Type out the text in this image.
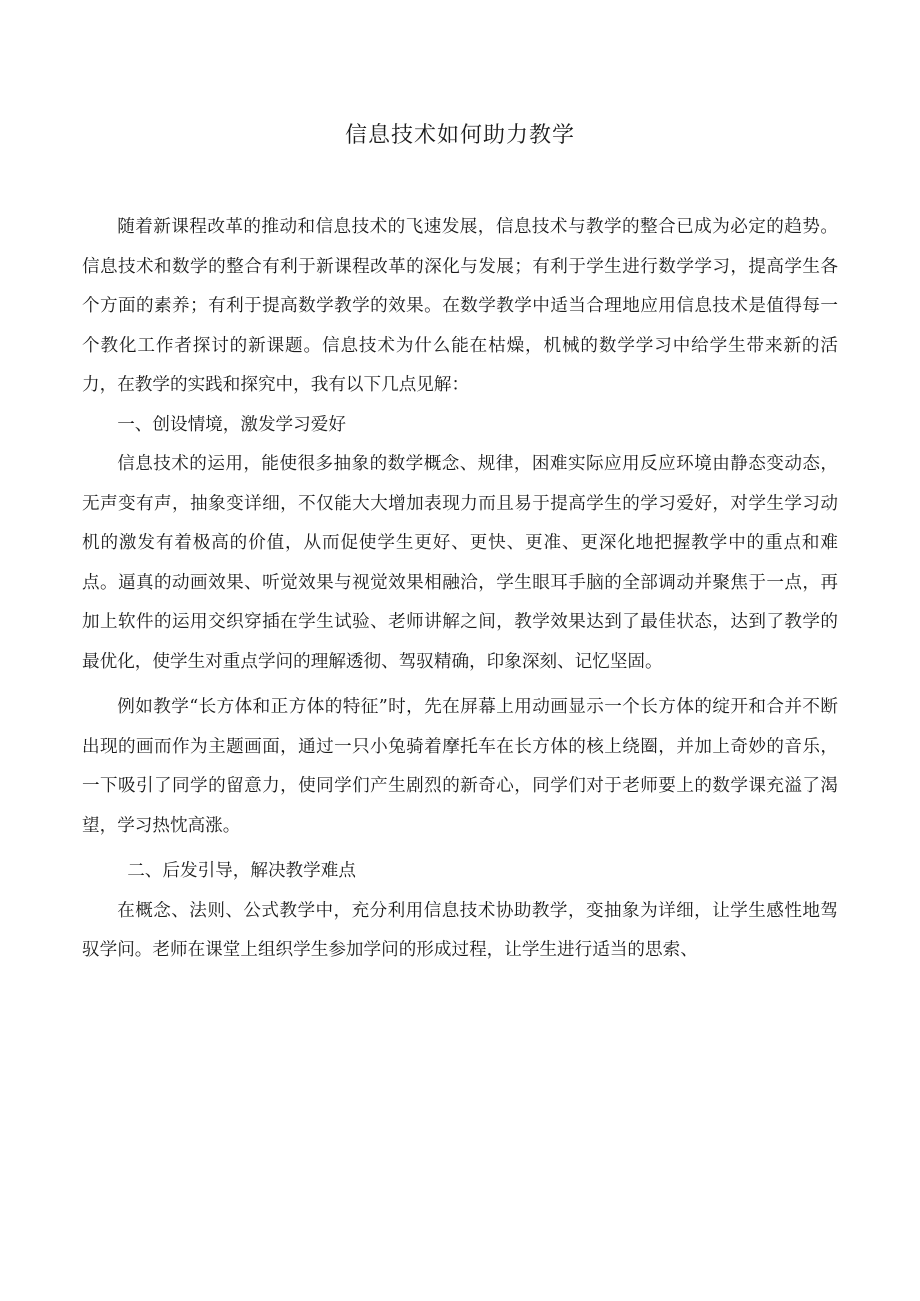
信息技术如何助力教学

随着新课程改革的推动和信息技术的飞速发展，信息技术与教学的整合已成为必定的趋势。信息技术和数学的整合有利于新课程改革的深化与发展；有利于学生进行数学学习，提高学生各个方面的素养；有利于提高数学教学的效果。在数学教学中适当合理地应用信息技术是值得每一个教化工作者探讨的新课题。信息技术为什么能在枯燥，机械的数学学习中给学生带来新的活力，在教学的实践和探究中，我有以下几点见解：

一、创设情境，激发学习爱好

信息技术的运用，能使很多抽象的数学概念、规律，困难实际应用反应环境由静态变动态，无声变有声，抽象变详细，不仅能大大增加表现力而且易于提高学生的学习爱好，对学生学习动机的激发有着极高的价值，从而促使学生更好、更快、更准、更深化地把握教学中的重点和难点。逼真的动画效果、听觉效果与视觉效果相融洽，学生眼耳手脑的全部调动并聚焦于一点，再加上软件的运用交织穿插在学生试验、老师讲解之间，教学效果达到了最佳状态，达到了教学的最优化，使学生对重点学问的理解透彻、驾驭精确，印象深刻、记忆坚固。

例如教学“长方体和正方体的特征”时，先在屏幕上用动画显示一个长方体的绽开和合并不断出现的画而作为主题画面，通过一只小兔骑着摩托车在长方体的核上绕圈，并加上奇妙的音乐，一下吸引了同学的留意力，使同学们产生剧烈的新奇心，同学们对于老师要上的数学课充溢了渴望，学习热忱高涨。

二、后发引导，解决教学难点

在概念、法则、公式教学中，充分利用信息技术协助教学，变抽象为详细，让学生感性地驾驭学问。老师在课堂上组织学生参加学问的形成过程，让学生进行适当的思索、
